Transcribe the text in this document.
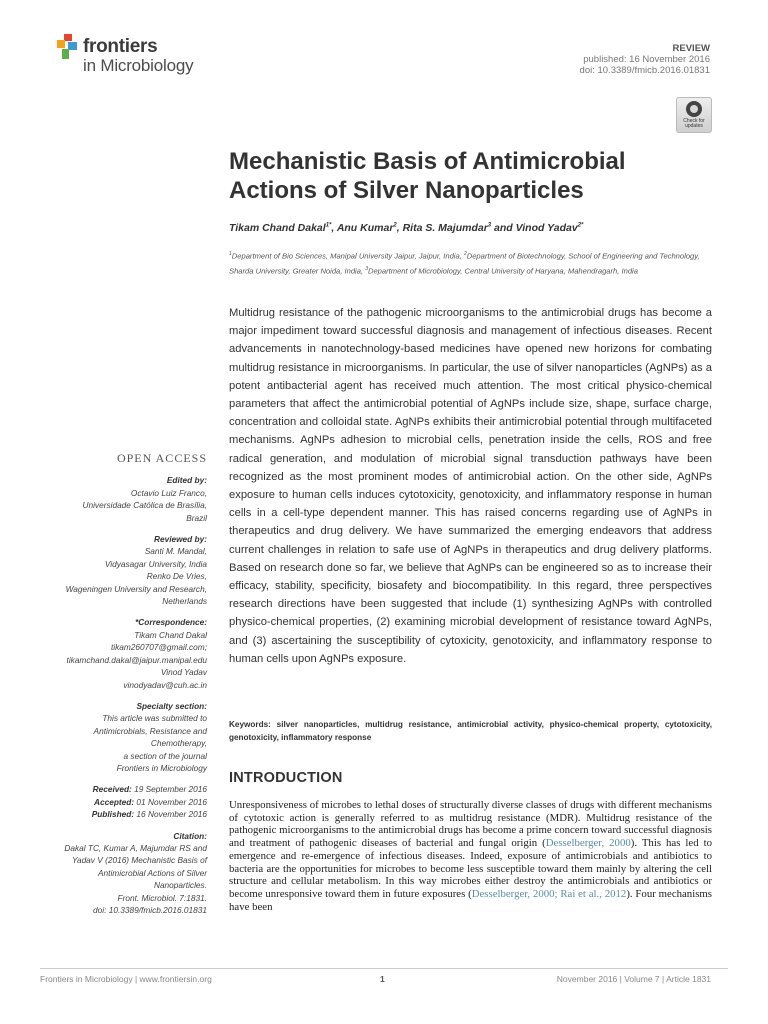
frontiers
in Microbiology
REVIEW
published: 16 November 2016
doi: 10.3389/fmicb.2016.01831
Check for
updates
Mechanistic Basis of Antimicrobial
Actions of Silver Nanoparticles
Tikam Chand Dakal$^{1*}$, Anu Kumar$^2$, Rita S. Majumdar$^3$ and Vinod Yadav$^{2*}$
$^1$Department of Bio Sciences, Manipal University Jaipur, Jaipur, India, $^2$Department of Biotechnology, School of Engineering and Technology, Sharda University, Greater Noida, India, $^3$Department of Microbiology, Central University of Haryana, Mahendragarh, India
Multidrug resistance of the pathogenic microorganisms to the antimicrobial drugs has become a major impediment toward successful diagnosis and management of infectious diseases. Recent advancements in nanotechnology-based medicines have opened new horizons for combating multidrug resistance in microorganisms. In particular, the use of silver nanoparticles (AgNPs) as a potent antibacterial agent has received much attention. The most critical physico-chemical parameters that affect the antimicrobial potential of AgNPs include size, shape, surface charge, concentration and colloidal state. AgNPs exhibits their antimicrobial potential through multifaceted mechanisms. AgNPs adhesion to microbial cells, penetration inside the cells, ROS and free radical generation, and modulation of microbial signal transduction pathways have been recognized as the most prominent modes of antimicrobial action. On the other side, AgNPs exposure to human cells induces cytotoxicity, genotoxicity, and inflammatory response in human cells in a cell-type dependent manner. This has raised concerns regarding use of AgNPs in therapeutics and drug delivery. We have summarized the emerging endeavors that address current challenges in relation to safe use of AgNPs in therapeutics and drug delivery platforms. Based on research done so far, we believe that AgNPs can be engineered so as to increase their efficacy, stability, specificity, biosafety and biocompatibility. In this regard, three perspectives research directions have been suggested that include (1) synthesizing AgNPs with controlled physico-chemical properties, (2) examining microbial development of resistance toward AgNPs, and (3) ascertaining the susceptibility of cytoxicity, genotoxicity, and inflammatory response to human cells upon AgNPs exposure.
Keywords: silver nanoparticles, multidrug resistance, antimicrobial activity, physico-chemical property, cytotoxicity, genotoxicity, inflammatory response
INTRODUCTION
Unresponsiveness of microbes to lethal doses of structurally diverse classes of drugs with different mechanisms of cytotoxic action is generally referred to as multidrug resistance (MDR). Multidrug resistance of the pathogenic microorganisms to the antimicrobial drugs has become a prime concern toward successful diagnosis and treatment of pathogenic diseases of bacterial and fungal origin (Desselberger, 2000). This has led to emergence and re-emergence of infectious diseases. Indeed, exposure of antimicrobials and antibiotics to bacteria are the opportunities for microbes to become less susceptible toward them mainly by altering the cell structure and cellular metabolism. In this way microbes either destroy the antimicrobials and antibiotics or become unresponsive toward them in future exposures (Desselberger, 2000; Rai et al., 2012). Four mechanisms have been
OPEN ACCESS
Edited by:
Octavio Luiz Franco,
Universidade Católica de Brasília,
Brazil
Reviewed by:
Santi M. Mandal,
Vidyasagar University, India
Renko De Vries,
Wageningen University and Research,
Netherlands
*Correspondence:
Tikam Chand Dakal
tikam260707@gmail.com;
tikamchand.dakal@jaipur.manipal.edu
Vinod Yadav
vinodyadav@cuh.ac.in
Specialty section:
This article was submitted to
Antimicrobials, Resistance and
Chemotherapy,
a section of the journal
Frontiers in Microbiology
Received: 19 September 2016
Accepted: 01 November 2016
Published: 16 November 2016
Citation:
Dakal TC, Kumar A, Majumdar RS and
Yadav V (2016) Mechanistic Basis of
Antimicrobial Actions of Silver
Nanoparticles.
Front. Microbiol. 7:1831.
doi: 10.3389/fmicb.2016.01831
Frontiers in Microbiology | www.frontiersin.org	1	November 2016 | Volume 7 | Article 1831
